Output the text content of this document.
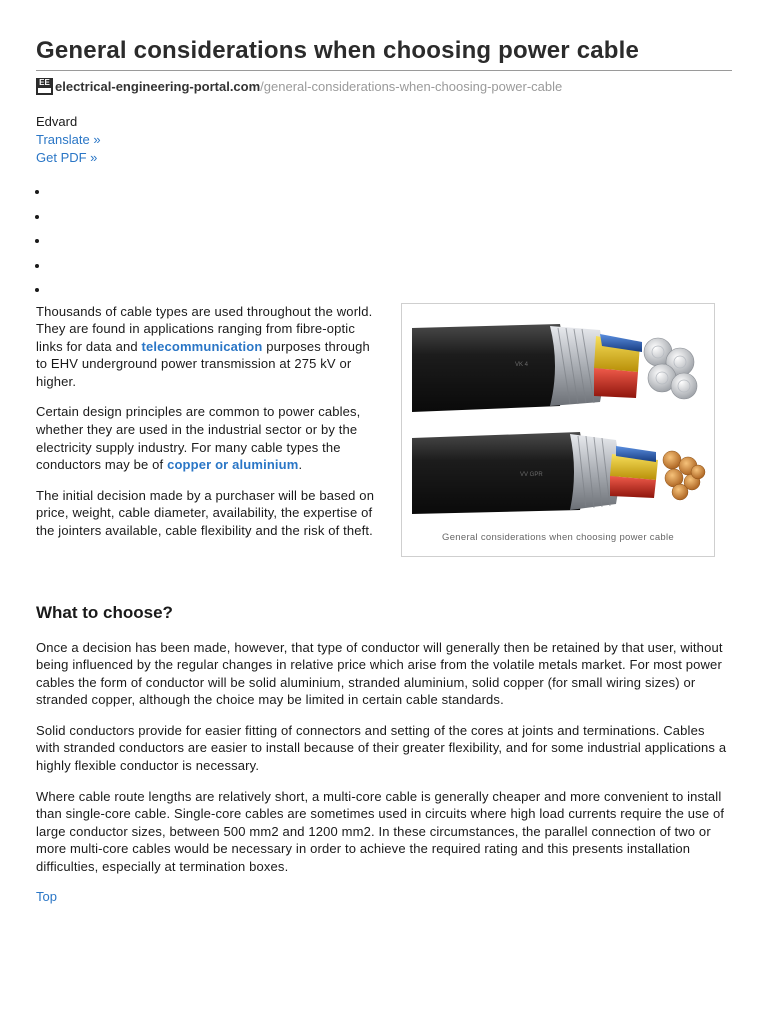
General considerations when choosing power cable
EE electrical-engineering-portal.com /general-considerations-when-choosing-power-cable
Edvard
Translate »
Get PDF »
•
•
•
•
•

Thousands of cable types are used throughout the world. They are found in applications ranging from fibre-optic links for data and telecommunication purposes through to EHV underground power transmission at 275 kV or higher.

Certain design principles are common to power cables, whether they are used in the industrial sector or by the electricity supply industry. For many cable types the conductors may be of copper or aluminium.

The initial decision made by a purchaser will be based on price, weight, cable diameter, availability, the expertise of the jointers available, cable flexibility and the risk of theft.

VK 4
VV GPR
General considerations when choosing power cable
What to choose?

Once a decision has been made, however, that type of conductor will generally then be retained by that user, without being influenced by the regular changes in relative price which arise from the volatile metals market. For most power cables the form of conductor will be solid aluminium, stranded aluminium, solid copper (for small wiring sizes) or stranded copper, although the choice may be limited in certain cable standards.

Solid conductors provide for easier fitting of connectors and setting of the cores at joints and terminations. Cables with stranded conductors are easier to install because of their greater flexibility, and for some industrial applications a highly flexible conductor is necessary.

Where cable route lengths are relatively short, a multi-core cable is generally cheaper and more convenient to install than single-core cable. Single-core cables are sometimes used in circuits where high load currents require the use of large conductor sizes, between 500 mm2 and 1200 mm2. In these circumstances, the parallel connection of two or more multi-core cables would be necessary in order to achieve the required rating and this presents installation difficulties, especially at termination boxes.

Top
